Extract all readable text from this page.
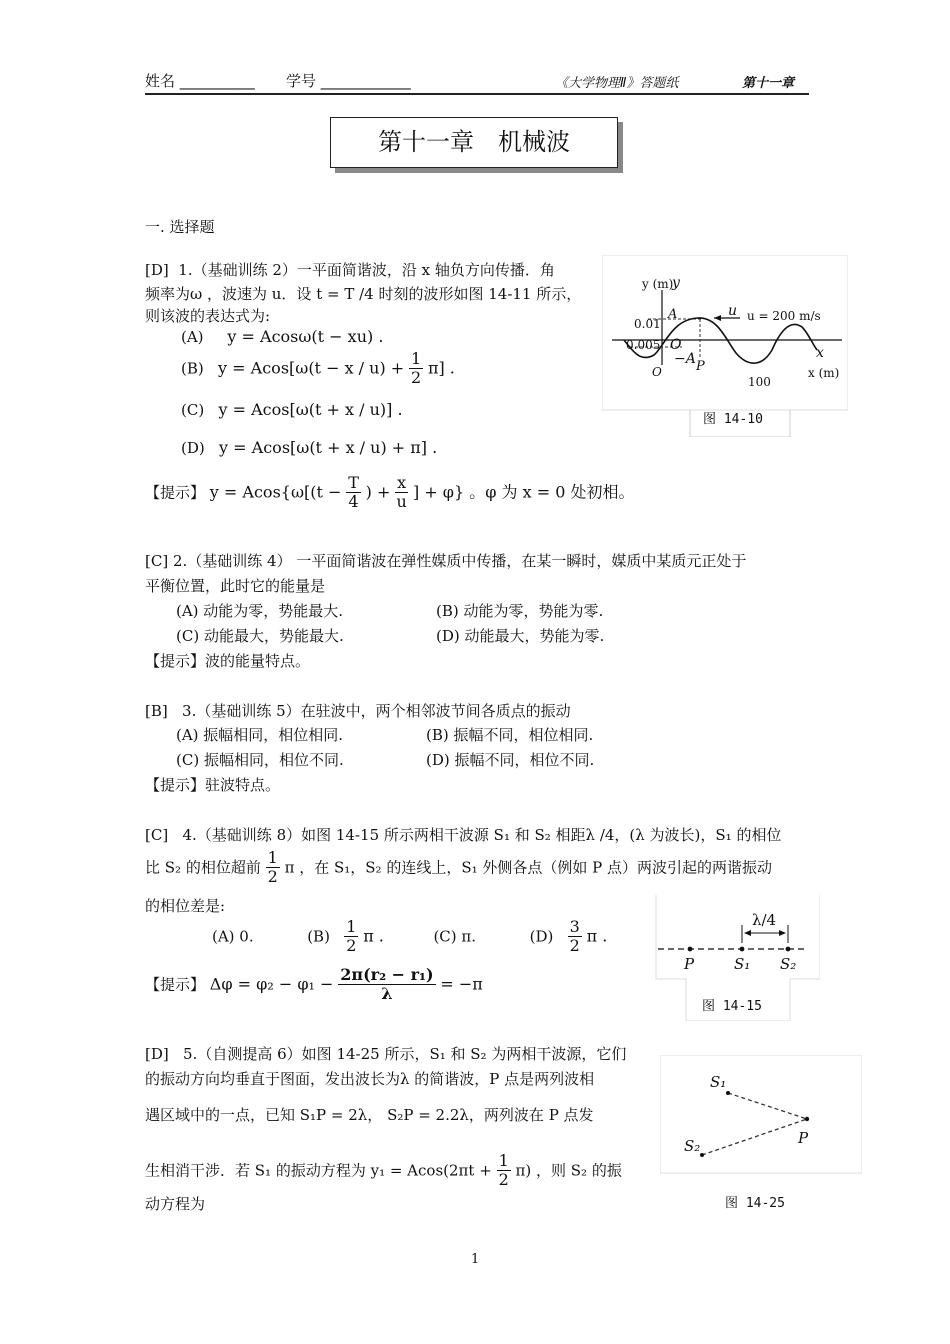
姓名 __________ 学号 ____________	《大学物理Ⅱ》答题纸	第十一章
第十一章　机械波
一. 选择题
[D] 1.（基础训练 2）一平面简谐波，沿 x 轴负方向传播．角
频率为ω ，波速为 u．设 t = T /4 时刻的波形如图 14-11 所示，
则该波的表达式为:
(A) y = Acosω(t − xu) .
(B) $y = Acos[\omega(t - x / u) + \frac{1}{2} \pi]$ .
(C) y = Acos[ω(t + x / u)] .
(D) y = Acos[ω(t + x / u) + π] .
【提示】 $y = Acos\{\omega[(t - \frac{T}{4}$ ) + $\frac{x}{u}$ ] + φ} 。φ 为 x = 0 处初相。
y (m)
y
u u = 200 m/s
0.01
0.005
A
−A
O
O	P
x
x (m)
100
图 14-10
[C] 2.（基础训练 4） 一平面简谐波在弹性媒质中传播，在某一瞬时，媒质中某质元正处于
平衡位置，此时它的能量是
(A) 动能为零，势能最大.	(B) 动能为零，势能为零.
(C) 动能最大，势能最大.	(D) 动能最大，势能为零.
【提示】波的能量特点。
[B] 3.（基础训练 5）在驻波中，两个相邻波节间各质点的振动
(A) 振幅相同，相位相同.	(B) 振幅不同，相位相同.
(C) 振幅相同，相位不同.	(D) 振幅不同，相位不同.
【提示】驻波特点。
[C] 4.（基础训练 8）如图 14-15 所示两相干波源 S₁ 和 S₂ 相距λ /4，(λ 为波长)，S₁ 的相位
比 S₂ 的相位超前 $\frac{1}{2}$ π ，在 S₁，S₂ 的连线上，S₁ 外侧各点（例如 P 点）两波引起的两谐振动
的相位差是:
(A) 0.	$(B) \frac{1}{2}$ π .	(C) π.	$(D) \frac{3}{2}$ π .
【提示】 $\Delta\varphi = \varphi_2 - \varphi_1 - \frac{\text{2π(r₂ − r₁)}}{\lambda} = -\pi$
λ/4
P	S₁ S₂
图 14-15
[D] 5.（自测提高 6）如图 14-25 所示，S₁ 和 S₂ 为两相干波源，它们
的振动方向均垂直于图面，发出波长为λ 的简谐波，P 点是两列波相
遇区域中的一点，已知 S₁P = 2λ， S₂P = 2.2λ，两列波在 P 点发
生相消干涉．若 S₁ 的振动方程为 $y_1 = Acos(2\pi t + \frac{1}{2} \pi)$ ，则 S₂ 的振
动方程为
S₁
S₂	P
图 14-25
1
